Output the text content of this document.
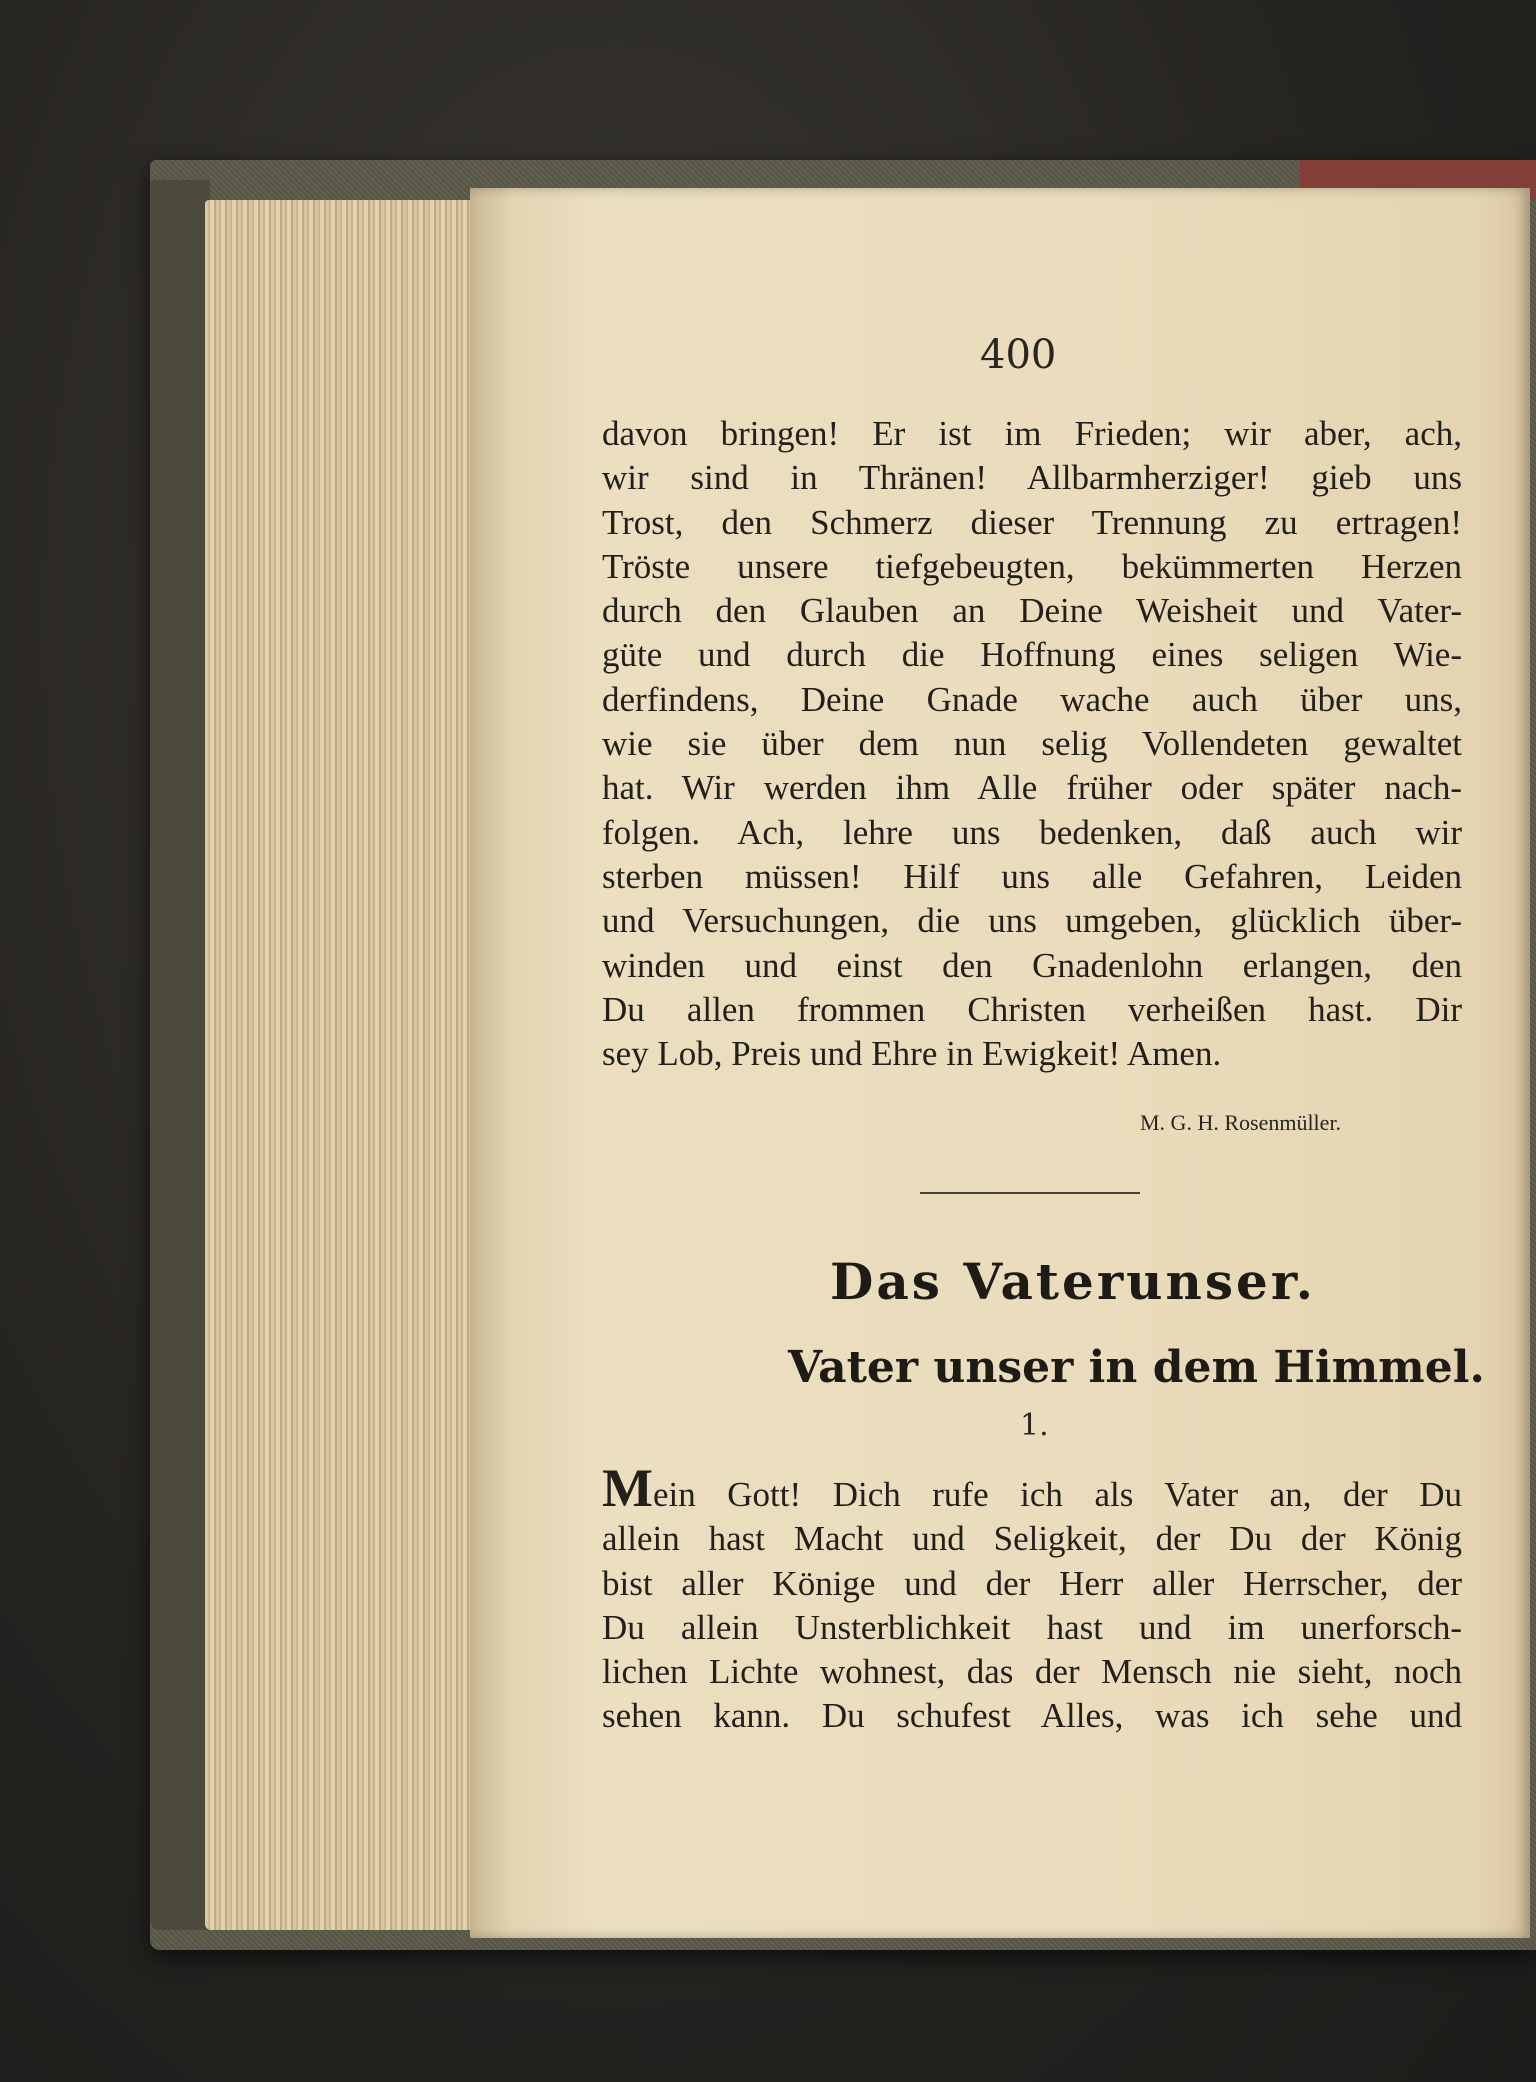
400
davon bringen! Er ist im Frieden; wir aber, ach,
wir sind in Thränen! Allbarmherziger! gieb uns
Trost, den Schmerz dieser Trennung zu ertragen!
Tröste unsere tiefgebeugten, bekümmerten Herzen
durch den Glauben an Deine Weisheit und Vater-
güte und durch die Hoffnung eines seligen Wie-
derfindens, Deine Gnade wache auch über uns,
wie sie über dem nun selig Vollendeten gewaltet
hat. Wir werden ihm Alle früher oder später nach-
folgen. Ach, lehre uns bedenken, daß auch wir
sterben müssen! Hilf uns alle Gefahren, Leiden
und Versuchungen, die uns umgeben, glücklich über-
winden und einst den Gnadenlohn erlangen, den
Du allen frommen Christen verheißen hast. Dir
sey Lob, Preis und Ehre in Ewigkeit! Amen.
M. G. H. Rosenmüller.
Das Vaterunser.
Vater unser in dem Himmel.
1.
Mein Gott! Dich rufe ich als Vater an, der Du
allein hast Macht und Seligkeit, der Du der König
bist aller Könige und der Herr aller Herrscher, der
Du allein Unsterblichkeit hast und im unerforsch-
lichen Lichte wohnest, das der Mensch nie sieht, noch
sehen kann. Du schufest Alles, was ich sehe und
